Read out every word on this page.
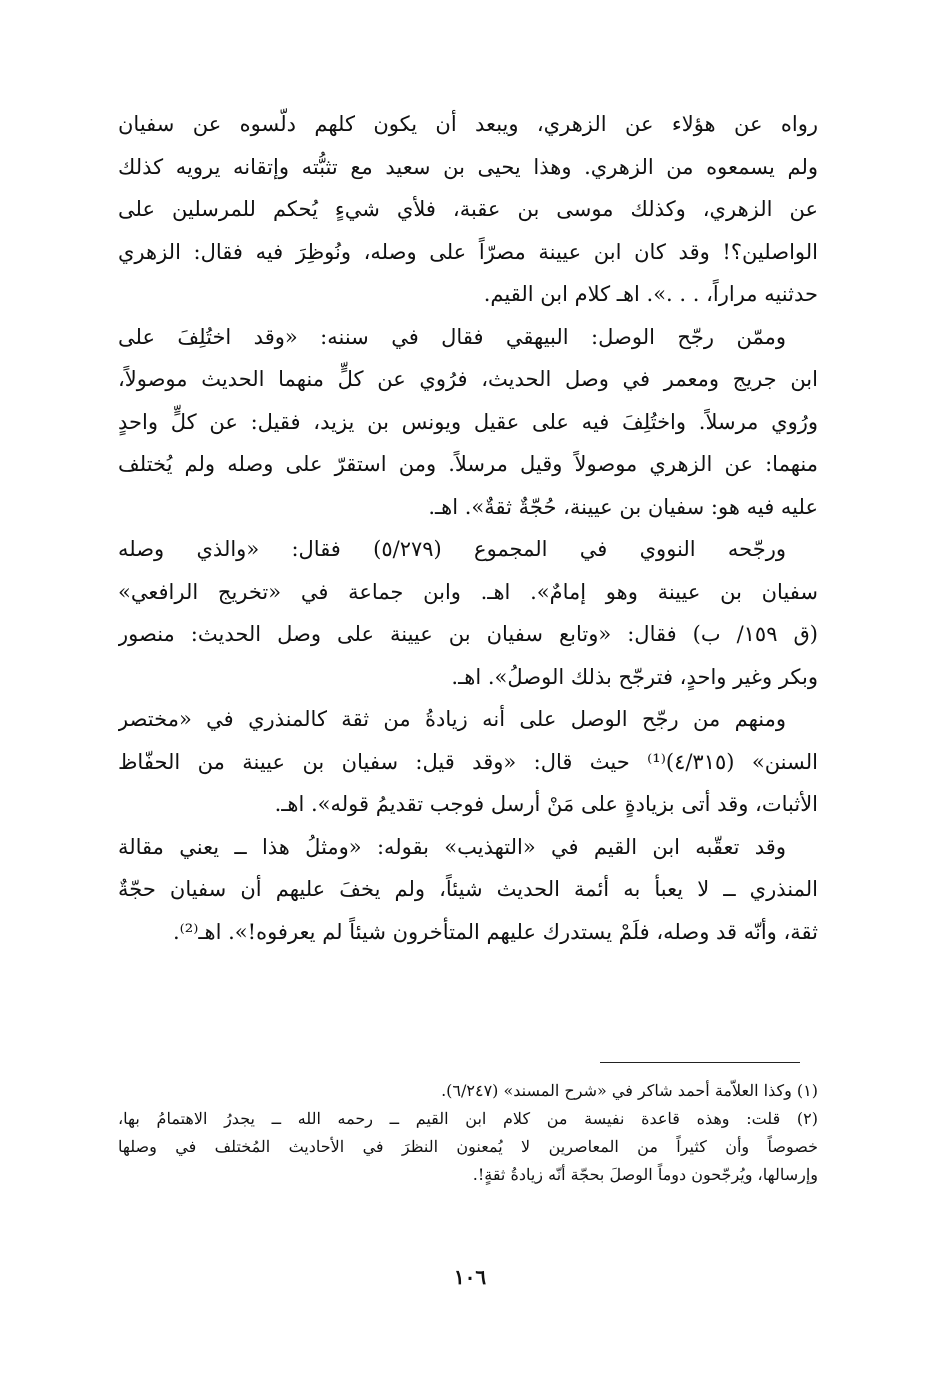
رواه عن هؤلاء عن الزهري، ويبعد أن يكون كلهم دلّسوه عن سفيان
ولم يسمعوه من الزهري. وهذا يحيى بن سعيد مع تثبُّته وإتقانه يرويه كذلك
عن الزهري، وكذلك موسى بن عقبة، فلأي شيءٍ يُحكم للمرسلين على
الواصلين؟! وقد كان ابن عيينة مصرّاً على وصله، ونُوظِرَ فيه فقال: الزهري
حدثنيه مراراً، . . .». اهـ كلام ابن القيم.
وممّن رجّح الوصل: البيهقي فقال في سننه: «وقد اختُلِفَ على
ابن جريج ومعمر في وصل الحديث، فرُوي عن كلٍّ منهما الحديث موصولاً،
ورُوي مرسلاً. واختُلِفَ فيه على عقيل ويونس بن يزيد، فقيل: عن كلٍّ واحدٍ
منهما: عن الزهري موصولاً وقيل مرسلاً. ومن استقرّ على وصله ولم يُختلف
عليه فيه هو: سفيان بن عيينة، حُجّةٌ ثقةٌ». اهـ.
ورجّحه النووي في المجموع (٥/٢٧٩) فقال: «والذي وصله
سفيان بن عيينة وهو إمامٌ». اهـ. وابن جماعة في «تخريج الرافعي»
(ق ١٥٩/ ب) فقال: «وتابع سفيان بن عيينة على وصل الحديث: منصور
وبكر وغير واحدٍ، فترجّح بذلك الوصلُ». اهـ.
ومنهم من رجّح الوصل على أنه زيادةُ من ثقة كالمنذري في «مختصر
السنن» (٤/٣١٥)⁽¹⁾ حيث قال: «وقد قيل: سفيان بن عيينة من الحفّاظ
الأثبات، وقد أتى بزيادةٍ على مَنْ أرسل فوجب تقديمُ قوله». اهـ.
وقد تعقّبه ابن القيم في «التهذيب» بقوله: «ومثلُ هذا ــ يعني مقالة
المنذري ــ لا يعبأ به أئمة الحديث شيئاً، ولم يخفَ عليهم أن سفيان حجّةٌ
ثقة، وأنّه قد وصله، فلَمْ يستدرك عليهم المتأخرون شيئاً لم يعرفوه!». اهـ⁽²⁾.
(١) وكذا العلاّمة أحمد شاكر في «شرح المسند» (٦/٢٤٧).
(٢) قلت: وهذه قاعدة نفيسة من كلام ابن القيم ــ رحمه الله ــ يجدرُ الاهتمامُ بها،
خصوصاً وأن كثيراً من المعاصرين لا يُمعنون النظرَ في الأحاديث المُختلف في وصلها
وإرسالها، ويُرجّحون دوماً الوصلَ بحجّة أنّه زيادةُ ثقةٍ!.
١٠٦
